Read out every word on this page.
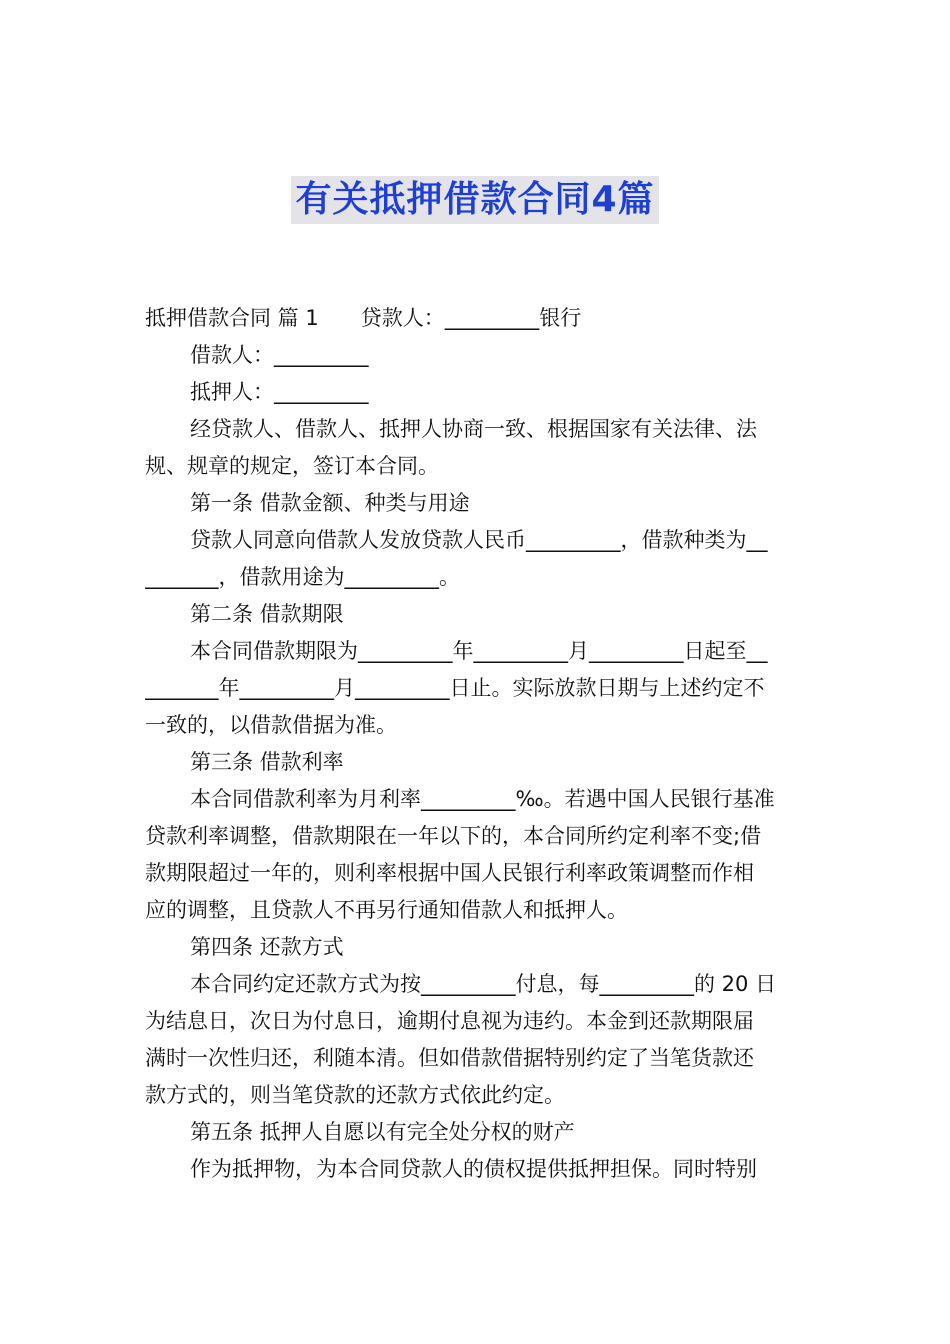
有关抵押借款合同4篇
抵押借款合同 篇 1　　贷款人：_________银行
借款人：_________
抵押人：_________
经贷款人、借款人、抵押人协商一致、根据国家有关法律、法
规、规章的规定，签订本合同。
第一条 借款金额、种类与用途
贷款人同意向借款人发放贷款人民币_________，借款种类为__
_______，借款用途为_________。
第二条 借款期限
本合同借款期限为_________年_________月_________日起至__
_______年_________月_________日止。实际放款日期与上述约定不
一致的，以借款借据为准。
第三条 借款利率
本合同借款利率为月利率_________‰。若遇中国人民银行基准
贷款利率调整，借款期限在一年以下的，本合同所约定利率不变;借
款期限超过一年的，则利率根据中国人民银行利率政策调整而作相
应的调整，且贷款人不再另行通知借款人和抵押人。
第四条 还款方式
本合同约定还款方式为按_________付息，每_________的 20 日
为结息日，次日为付息日，逾期付息视为违约。本金到还款期限届
满时一次性归还，利随本清。但如借款借据特别约定了当笔货款还
款方式的，则当笔贷款的还款方式依此约定。
第五条 抵押人自愿以有完全处分权的财产
作为抵押物，为本合同贷款人的债权提供抵押担保。同时特别
